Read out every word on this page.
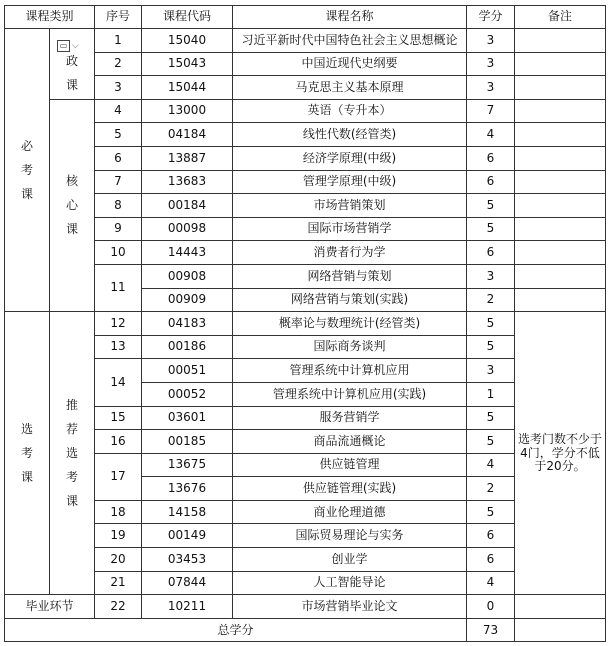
▭ ⌵
课程类别		序号	课程代码	课程名称	学分	备注
必考课	政课	1	15040	习近平新时代中国特色社会主义思想概论	3	
		2	15043	中国近现代史纲要	3	
		3	15044	马克思主义基本原理	3	
	核心课	4	13000	英语（专升本）	7	
		5	04184	线性代数(经管类)	4	
		6	13887	经济学原理(中级)	6	
		7	13683	管理学原理(中级)	6	
		8	00184	市场营销策划	5	
		9	00098	国际市场营销学	5	
		10	14443	消费者行为学	6	
		11	00908	网络营销与策划	3	
			00909	网络营销与策划(实践)	2	
选考课	推荐选考课	12	04183	概率论与数理统计(经管类)	5	选考门数不少于4门，学分不低于20分。
		13	00186	国际商务谈判	5	
		14	00051	管理系统中计算机应用	3	
			00052	管理系统中计算机应用(实践)	1	
		15	03601	服务营销学	5	
		16	00185	商品流通概论	5	
		17	13675	供应链管理	4	
			13676	供应链管理(实践)	2	
		18	14158	商业伦理道德	5	
		19	00149	国际贸易理论与实务	6	
		20	03453	创业学	6	
		21	07844	人工智能导论	4	
毕业环节		22	10211	市场营销毕业论文	0	
总学分					73	
